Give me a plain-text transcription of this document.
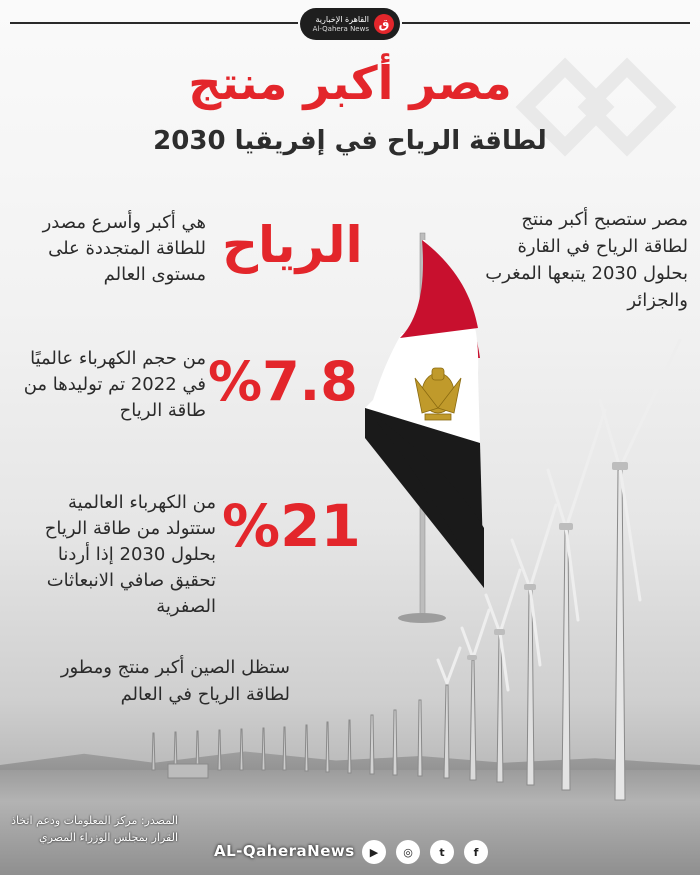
القاهرة الإخبارية
Al-Qahera News ق
مصر أكبر منتج
لطاقة الرياح في إفريقيا 2030
مصر ستصبح أكبر منتج لطاقة الرياح في القارة بحلول 2030 يتبعها المغرب والجزائر
الرياح
هي أكبر وأسرع مصدر للطاقة المتجددة على مستوى العالم
%7.8
من حجم الكهرباء عالميًا في 2022 تم توليدها من طاقة الرياح
%21
من الكهرباء العالمية ستتولد من طاقة الرياح بحلول 2030 إذا أردنا تحقيق صافي الانبعاثات الصفرية
ستظل الصين أكبر منتج ومطور لطاقة الرياح في العالم
المصدر: مركز المعلومات ودعم اتخاذ القرار بمجلس الوزراء المصري
AL-QaheraNews	▶	◎	t	f
